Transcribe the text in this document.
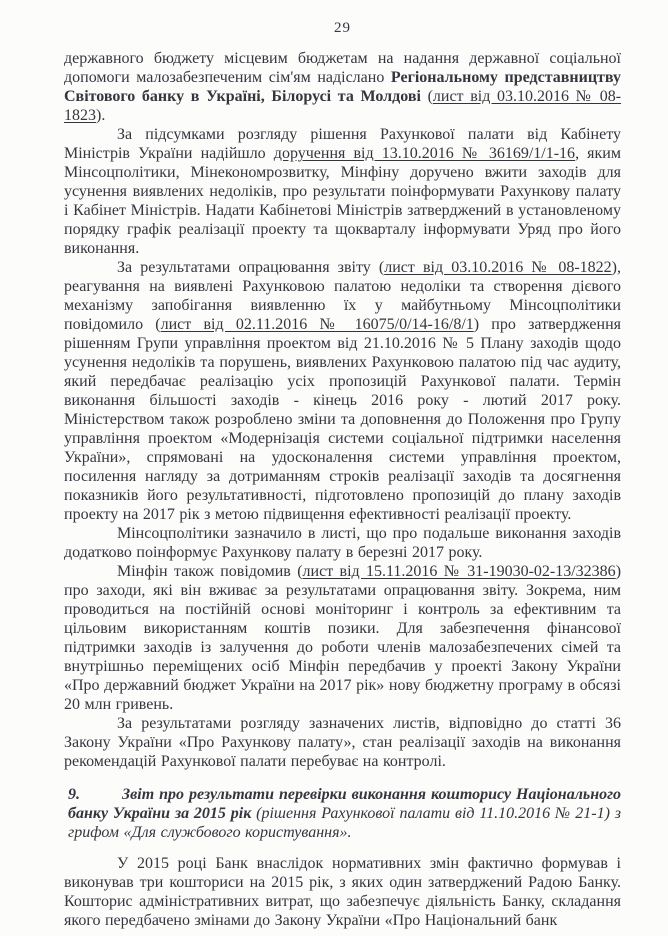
29

державного бюджету місцевим бюджетам на надання державної соціальної допомоги малозабезпеченим сім'ям надіслано Регіональному представництву Світового банку в Україні, Білорусі та Молдові (лист від 03.10.2016 № 08-1823).

За підсумками розгляду рішення Рахункової палати від Кабінету Міністрів України надійшло доручення від 13.10.2016 № 36169/1/1-16, яким Мінсоцполітики, Мінекономрозвитку, Мінфіну доручено вжити заходів для усунення виявлених недоліків, про результати поінформувати Рахункову палату і Кабінет Міністрів. Надати Кабінетові Міністрів затверджений в установленому порядку графік реалізації проекту та щокварталу інформувати Уряд про його виконання.

За результатами опрацювання звіту (лист від 03.10.2016 № 08-1822), реагування на виявлені Рахунковою палатою недоліки та створення дієвого механізму запобігання виявленню їх у майбутньому Мінсоцполітики повідомило (лист від 02.11.2016 № 16075/0/14-16/8/1) про затвердження рішенням Групи управління проектом від 21.10.2016 № 5 Плану заходів щодо усунення недоліків та порушень, виявлених Рахунковою палатою під час аудиту, який передбачає реалізацію усіх пропозицій Рахункової палати. Термін виконання більшості заходів - кінець 2016 року - лютий 2017 року. Міністерством також розроблено зміни та доповнення до Положення про Групу управління проектом «Модернізація системи соціальної підтримки населення України», спрямовані на удосконалення системи управління проектом, посилення нагляду за дотриманням строків реалізації заходів та досягнення показників його результативності, підготовлено пропозицій до плану заходів проекту на 2017 рік з метою підвищення ефективності реалізації проекту.

Мінсоцполітики зазначило в листі, що про подальше виконання заходів додатково поінформує Рахункову палату в березні 2017 року.

Мінфін також повідомив (лист від 15.11.2016 № 31-19030-02-13/32386) про заходи, які він вживає за результатами опрацювання звіту. Зокрема, ним проводиться на постійній основі моніторинг і контроль за ефективним та цільовим використанням коштів позики. Для забезпечення фінансової підтримки заходів із залучення до роботи членів малозабезпечених сімей та внутрішньо переміщених осіб Мінфін передбачив у проекті Закону України «Про державний бюджет України на 2017 рік» нову бюджетну програму в обсязі 20 млн гривень.

За результатами розгляду зазначених листів, відповідно до статті 36 Закону України «Про Рахункову палату», стан реалізації заходів на виконання рекомендацій Рахункової палати перебуває на контролі.

9.	Звіт про результати перевірки виконання кошторису Національного банку України за 2015 рік (рішення Рахункової палати від 11.10.2016 № 21-1) з грифом «Для службового користування».

У 2015 році Банк внаслідок нормативних змін фактично формував і виконував три кошториси на 2015 рік, з яких один затверджений Радою Банку. Кошторис адміністративних витрат, що забезпечує діяльність Банку, складання якого передбачено змінами до Закону України «Про Національний банк
